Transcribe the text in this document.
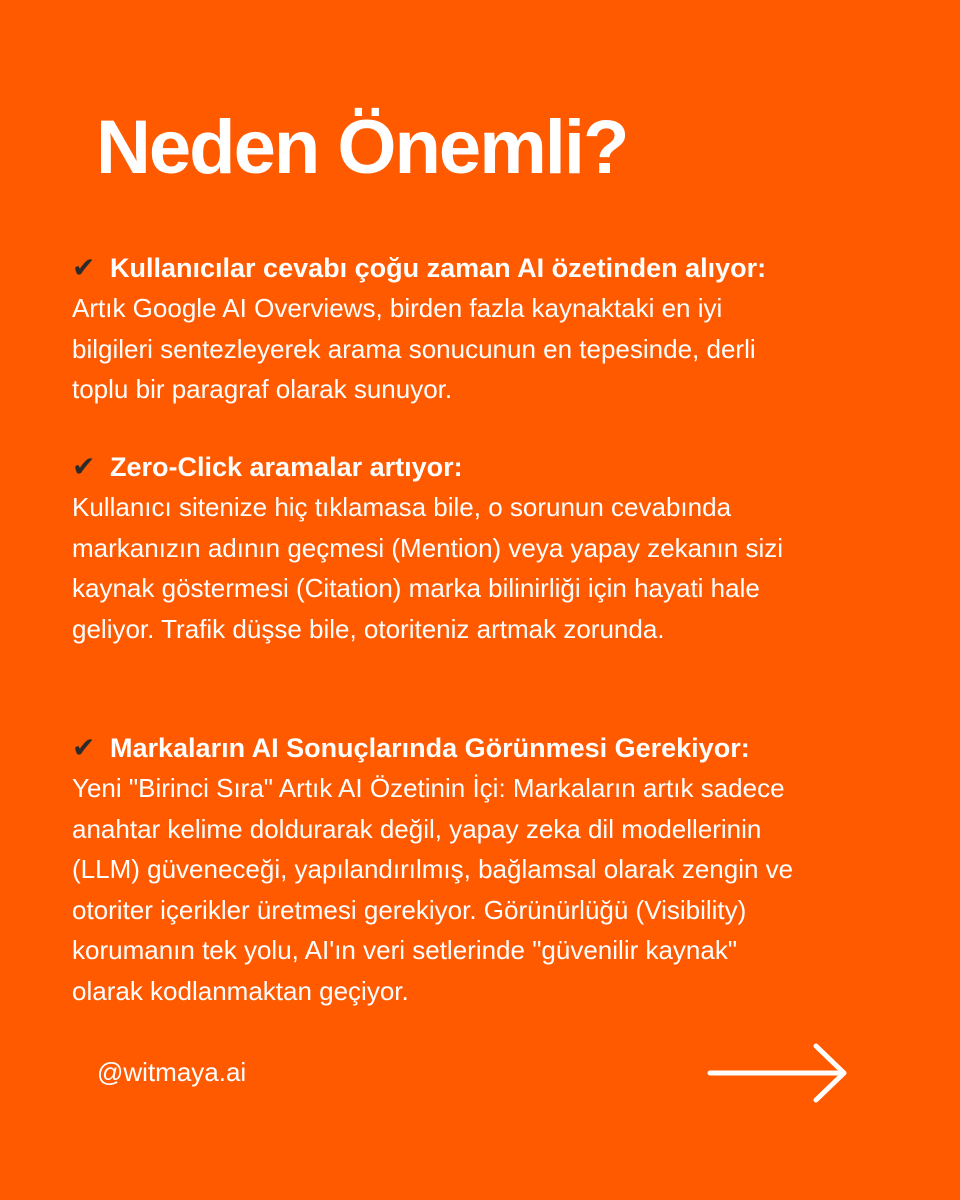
Neden Önemli?
✔ Kullanıcılar cevabı çoğu zaman AI özetinden alıyor:

Artık Google AI Overviews, birden fazla kaynaktaki en iyi
bilgileri sentezleyerek arama sonucunun en tepesinde, derli
toplu bir paragraf olarak sunuyor.

✔ Zero-Click aramalar artıyor:

Kullanıcı sitenize hiç tıklamasa bile, o sorunun cevabında
markanızın adının geçmesi (Mention) veya yapay zekanın sizi
kaynak göstermesi (Citation) marka bilinirliği için hayati hale
geliyor. Trafik düşse bile, otoriteniz artmak zorunda.

✔ Markaların AI Sonuçlarında Görünmesi Gerekiyor:

Yeni "Birinci Sıra" Artık AI Özetinin İçi: Markaların artık sadece
anahtar kelime doldurarak değil, yapay zeka dil modellerinin
(LLM) güveneceği, yapılandırılmış, bağlamsal olarak zengin ve
otoriter içerikler üretmesi gerekiyor. Görünürlüğü (Visibility)
korumanın tek yolu, AI'ın veri setlerinde "güvenilir kaynak"
olarak kodlanmaktan geçiyor.

@witmaya.ai
